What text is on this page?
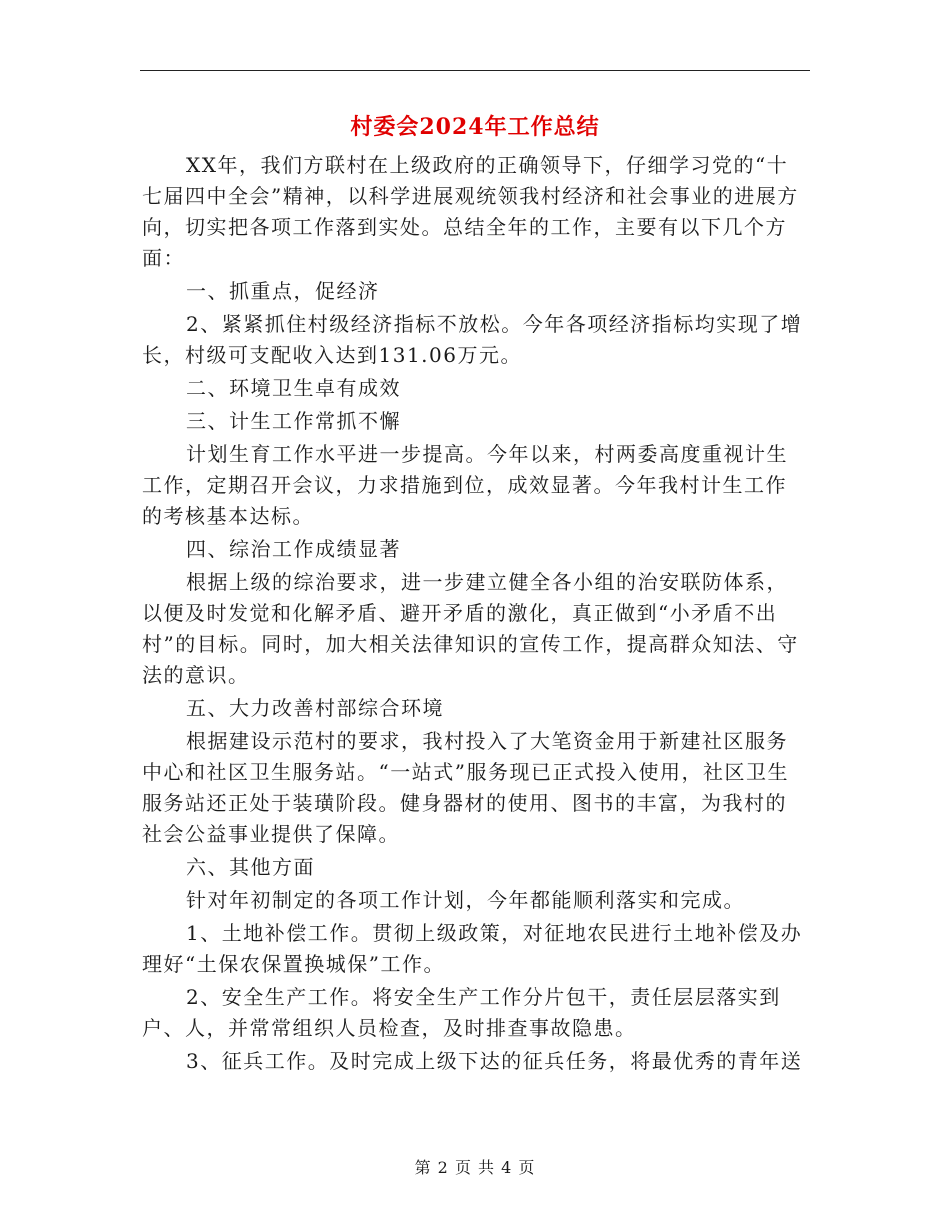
村委会2024年工作总结

XX年，我们方联村在上级政府的正确领导下，仔细学习党的“十七届四中全会”精神，以科学进展观统领我村经济和社会事业的进展方向，切实把各项工作落到实处。总结全年的工作，主要有以下几个方面：

一、抓重点，促经济

2、紧紧抓住村级经济指标不放松。今年各项经济指标均实现了增长，村级可支配收入达到131.06万元。

二、环境卫生卓有成效

三、计生工作常抓不懈

计划生育工作水平进一步提高。今年以来，村两委高度重视计生工作，定期召开会议，力求措施到位，成效显著。今年我村计生工作的考核基本达标。

四、综治工作成绩显著

根据上级的综治要求，进一步建立健全各小组的治安联防体系，以便及时发觉和化解矛盾、避开矛盾的激化，真正做到“小矛盾不出村”的目标。同时，加大相关法律知识的宣传工作，提高群众知法、守法的意识。

五、大力改善村部综合环境

根据建设示范村的要求，我村投入了大笔资金用于新建社区服务中心和社区卫生服务站。“一站式”服务现已正式投入使用，社区卫生服务站还正处于装璜阶段。健身器材的使用、图书的丰富，为我村的社会公益事业提供了保障。

六、其他方面

针对年初制定的各项工作计划，今年都能顺利落实和完成。

1、土地补偿工作。贯彻上级政策，对征地农民进行土地补偿及办理好“土保农保置换城保”工作。

2、安全生产工作。将安全生产工作分片包干，责任层层落实到户、人，并常常组织人员检查，及时排查事故隐患。

3、征兵工作。及时完成上级下达的征兵任务，将最优秀的青年送

第 2 页 共 4 页
